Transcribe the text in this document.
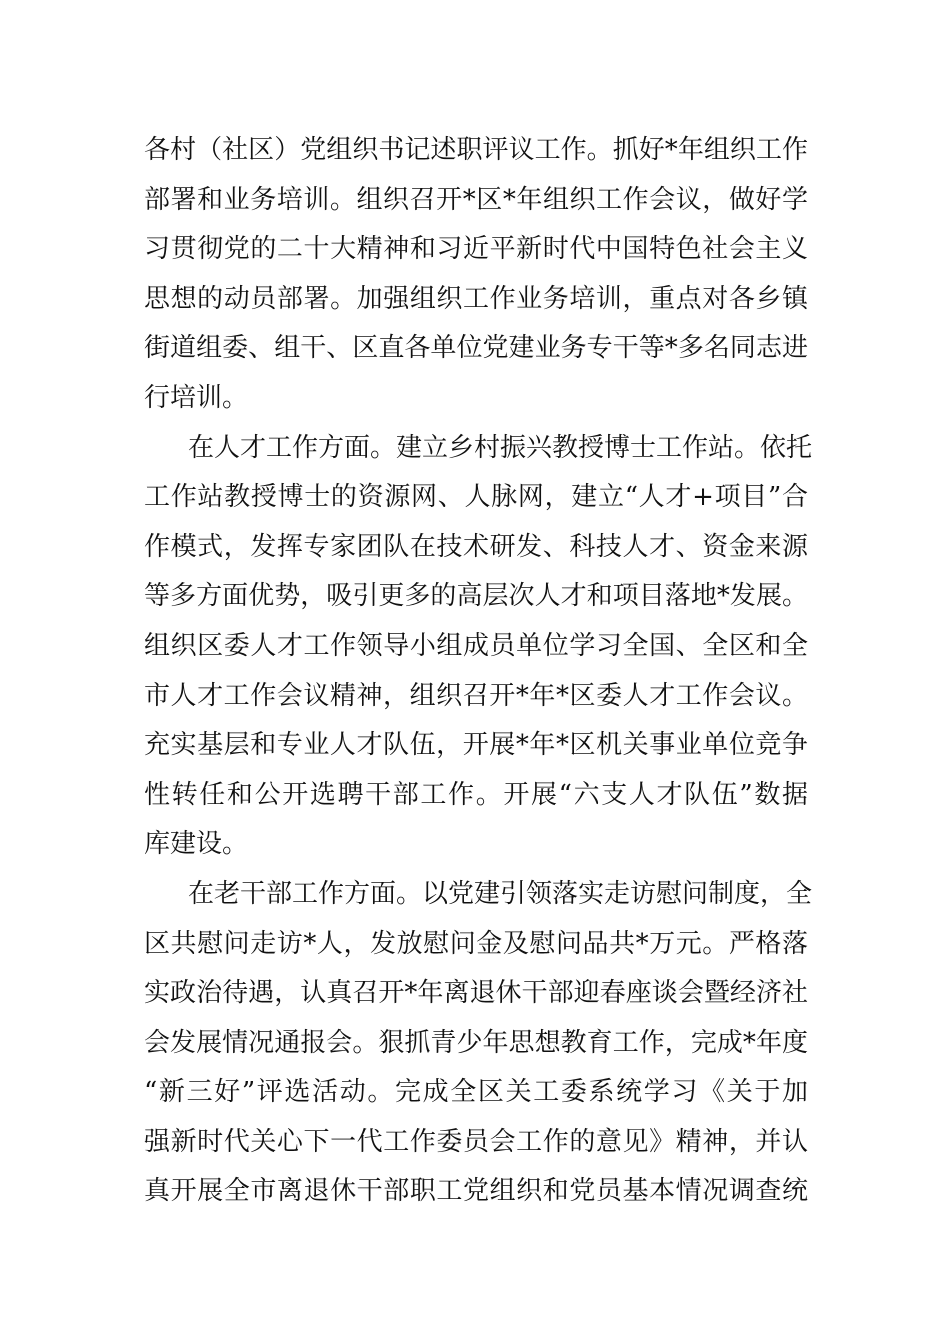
各村（社区）党组织书记述职评议工作。抓好*年组织工作
部署和业务培训。组织召开*区*年组织工作会议，做好学
习贯彻党的二十大精神和习近平新时代中国特色社会主义
思想的动员部署。加强组织工作业务培训，重点对各乡镇
街道组委、组干、区直各单位党建业务专干等*多名同志进
行培训。
在人才工作方面。建立乡村振兴教授博士工作站。依托
工作站教授博士的资源网、人脉网，建立“人才+项目”合
作模式，发挥专家团队在技术研发、科技人才、资金来源
等多方面优势，吸引更多的高层次人才和项目落地*发展。
组织区委人才工作领导小组成员单位学习全国、全区和全
市人才工作会议精神，组织召开*年*区委人才工作会议。
充实基层和专业人才队伍，开展*年*区机关事业单位竞争
性转任和公开选聘干部工作。开展“六支人才队伍”数据
库建设。
在老干部工作方面。以党建引领落实走访慰问制度，全
区共慰问走访*人，发放慰问金及慰问品共*万元。严格落
实政治待遇，认真召开*年离退休干部迎春座谈会暨经济社
会发展情况通报会。狠抓青少年思想教育工作，完成*年度
“新三好”评选活动。完成全区关工委系统学习《关于加
强新时代关心下一代工作委员会工作的意见》精神，并认
真开展全市离退休干部职工党组织和党员基本情况调查统
